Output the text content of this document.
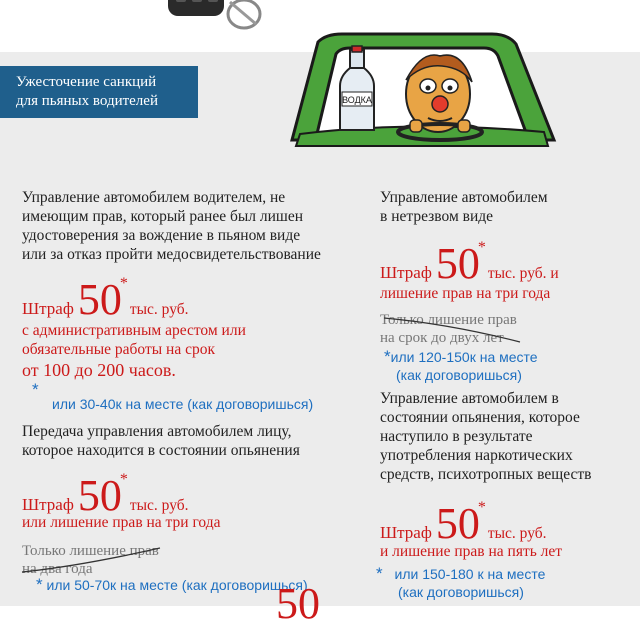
Ужесточение санкций
для пьяных водителей	ВОДКА
Управление автомобилем водителем, не
имеющим прав, который ранее был лишен
удостоверения за вождение в пьяном виде
или за отказ пройти медосвидетельствование
Штраф 50*тыс. руб.
с административным арестом или
обязательные работы на срок
от 100 до 200 часов.
*
или 30-40к на месте (как договоришься)
Передача управления автомобилем лицу,
которое находится в состоянии опьянения
Штраф 50*тыс. руб.
или лишение прав на три года
Только лишение прав
на два года
* или 50-70к на месте (как договоришься)
50
Управление автомобилем
в нетрезвом виде
Штраф 50*тыс. руб. и
лишение прав на три года
Только лишение прав
на срок до двух лет
*или 120-150к на месте
(как договоришься)
Управление автомобилем в
состоянии опьянения, которое
наступило в результате
употребления наркотических
средств, психотропных веществ
Штраф 50*тыс. руб.
и лишение прав на пять лет
* или 150-180 к на месте
(как договоришься)
